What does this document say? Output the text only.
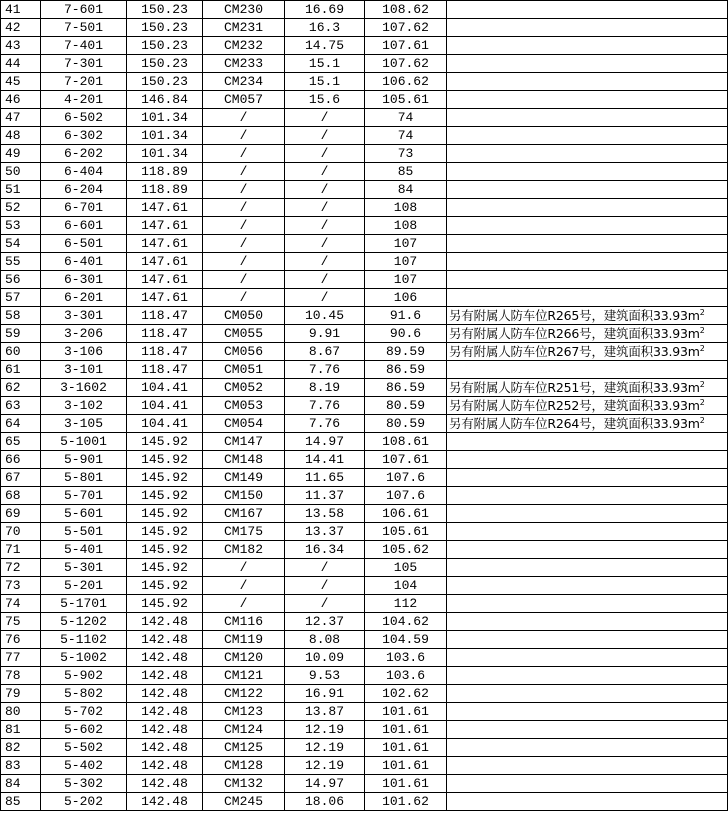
41	7-601	150.23	CM230	16.69	108.62	
42	7-501	150.23	CM231	16.3	107.62	
43	7-401	150.23	CM232	14.75	107.61	
44	7-301	150.23	CM233	15.1	107.62	
45	7-201	150.23	CM234	15.1	106.62	
46	4-201	146.84	CM057	15.6	105.61	
47	6-502	101.34	/	/	74	
48	6-302	101.34	/	/	74	
49	6-202	101.34	/	/	73	
50	6-404	118.89	/	/	85	
51	6-204	118.89	/	/	84	
52	6-701	147.61	/	/	108	
53	6-601	147.61	/	/	108	
54	6-501	147.61	/	/	107	
55	6-401	147.61	/	/	107	
56	6-301	147.61	/	/	107	
57	6-201	147.61	/	/	106	
58	3-301	118.47	CM050	10.45	91.6	另有附属人防车位R265号，建筑面积$33.93m^2$
59	3-206	118.47	CM055	9.91	90.6	另有附属人防车位R266号，建筑面积$33.93m^2$
60	3-106	118.47	CM056	8.67	89.59	另有附属人防车位R267号，建筑面积$33.93m^2$
61	3-101	118.47	CM051	7.76	86.59	
62	3-1602	104.41	CM052	8.19	86.59	另有附属人防车位R251号，建筑面积$33.93m^2$
63	3-102	104.41	CM053	7.76	80.59	另有附属人防车位R252号，建筑面积$33.93m^2$
64	3-105	104.41	CM054	7.76	80.59	另有附属人防车位R264号，建筑面积$33.93m^2$
65	5-1001	145.92	CM147	14.97	108.61	
66	5-901	145.92	CM148	14.41	107.61	
67	5-801	145.92	CM149	11.65	107.6	
68	5-701	145.92	CM150	11.37	107.6	
69	5-601	145.92	CM167	13.58	106.61	
70	5-501	145.92	CM175	13.37	105.61	
71	5-401	145.92	CM182	16.34	105.62	
72	5-301	145.92	/	/	105	
73	5-201	145.92	/	/	104	
74	5-1701	145.92	/	/	112	
75	5-1202	142.48	CM116	12.37	104.62	
76	5-1102	142.48	CM119	8.08	104.59	
77	5-1002	142.48	CM120	10.09	103.6	
78	5-902	142.48	CM121	9.53	103.6	
79	5-802	142.48	CM122	16.91	102.62	
80	5-702	142.48	CM123	13.87	101.61	
81	5-602	142.48	CM124	12.19	101.61	
82	5-502	142.48	CM125	12.19	101.61	
83	5-402	142.48	CM128	12.19	101.61	
84	5-302	142.48	CM132	14.97	101.61	
85	5-202	142.48	CM245	18.06	101.62	
